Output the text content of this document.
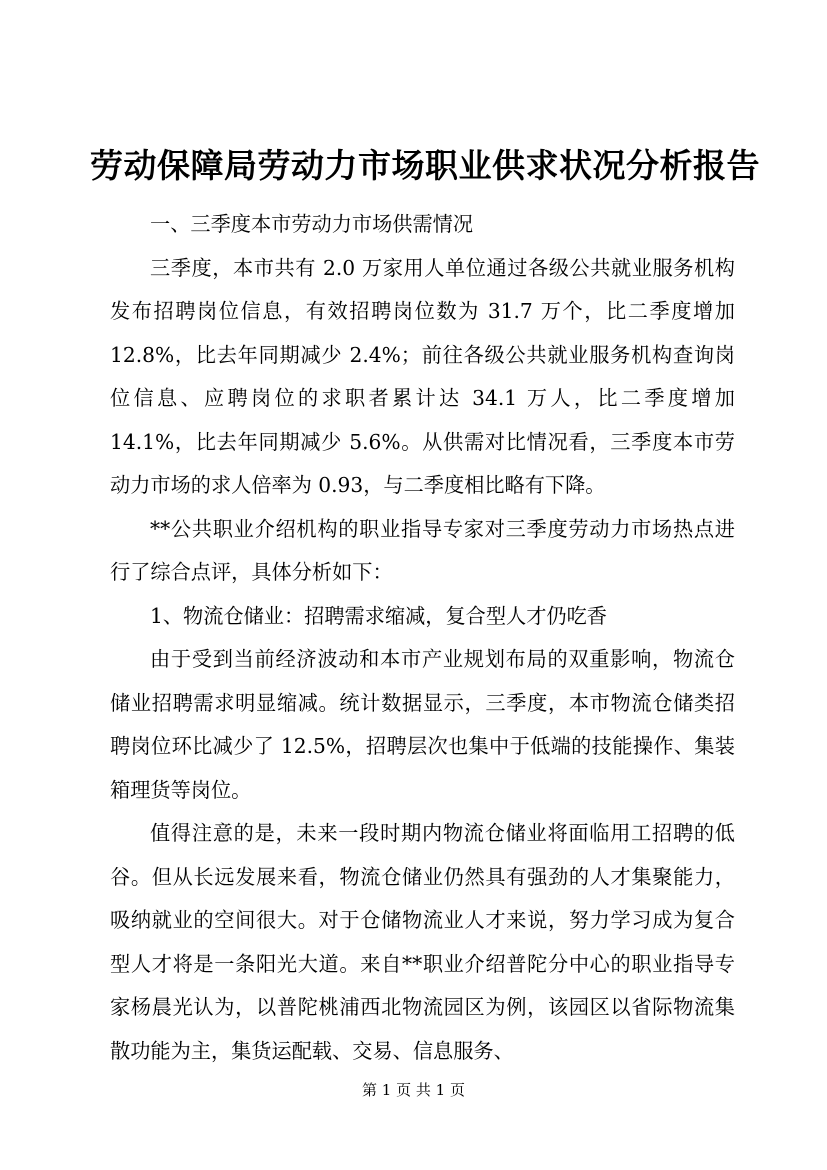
劳动保障局劳动力市场职业供求状况分析报告

一、三季度本市劳动力市场供需情况

三季度，本市共有 2.0 万家用人单位通过各级公共就业服务机构发布招聘岗位信息，有效招聘岗位数为 31.7 万个，比二季度增加 12.8%，比去年同期减少 2.4%；前往各级公共就业服务机构查询岗位信息、应聘岗位的求职者累计达 34.1 万人，比二季度增加 14.1%，比去年同期减少 5.6%。从供需对比情况看，三季度本市劳动力市场的求人倍率为 0.93，与二季度相比略有下降。

**公共职业介绍机构的职业指导专家对三季度劳动力市场热点进行了综合点评，具体分析如下：

1、物流仓储业：招聘需求缩减，复合型人才仍吃香

由于受到当前经济波动和本市产业规划布局的双重影响，物流仓储业招聘需求明显缩减。统计数据显示，三季度，本市物流仓储类招聘岗位环比减少了 12.5%，招聘层次也集中于低端的技能操作、集装箱理货等岗位。

值得注意的是，未来一段时期内物流仓储业将面临用工招聘的低谷。但从长远发展来看，物流仓储业仍然具有强劲的人才集聚能力，吸纳就业的空间很大。对于仓储物流业人才来说，努力学习成为复合型人才将是一条阳光大道。来自**职业介绍普陀分中心的职业指导专家杨晨光认为，以普陀桃浦西北物流园区为例，该园区以省际物流集散功能为主，集货运配载、交易、信息服务、

第 1 页 共 1 页
